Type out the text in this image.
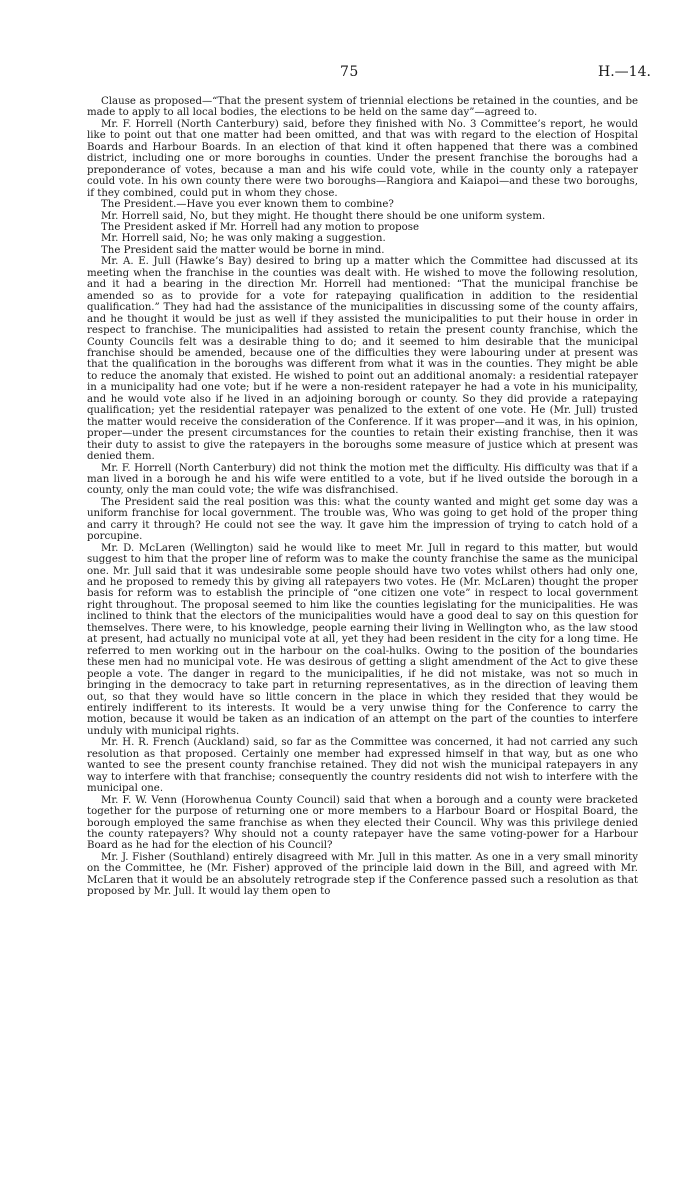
75	H.—14.

Clause as proposed—“That the present system of triennial elections be retained in the counties, and be made to apply to all local bodies, the elections to be held on the same day”—agreed to.

Mr. F. Horrell (North Canterbury) said, before they finished with No. 3 Committee’s report, he would like to point out that one matter had been omitted, and that was with regard to the election of Hospital Boards and Harbour Boards. In an election of that kind it often happened that there was a combined district, including one or more boroughs in counties. Under the present franchise the boroughs had a preponderance of votes, because a man and his wife could vote, while in the county only a ratepayer could vote. In his own county there were two boroughs—Rangiora and Kaiapoi—and these two boroughs, if they combined, could put in whom they chose.

The President.—Have you ever known them to combine?

Mr. Horrell said, No, but they might. He thought there should be one uniform system.

The President asked if Mr. Horrell had any motion to propose

Mr. Horrell said, No; he was only making a suggestion.

The President said the matter would be borne in mind.

Mr. A. E. Jull (Hawke’s Bay) desired to bring up a matter which the Committee had discussed at its meeting when the franchise in the counties was dealt with. He wished to move the following resolution, and it had a bearing in the direction Mr. Horrell had mentioned: “That the municipal franchise be amended so as to provide for a vote for ratepaying qualification in addition to the residential qualification.” They had had the assistance of the municipalities in discussing some of the county affairs, and he thought it would be just as well if they assisted the municipalities to put their house in order in respect to franchise. The municipalities had assisted to retain the present county franchise, which the County Councils felt was a desirable thing to do; and it seemed to him desirable that the municipal franchise should be amended, because one of the difficulties they were labouring under at present was that the qualification in the boroughs was different from what it was in the counties. They might be able to reduce the anomaly that existed. He wished to point out an additional anomaly: a residential ratepayer in a municipality had one vote; but if he were a non-resident ratepayer he had a vote in his municipality, and he would vote also if he lived in an adjoining borough or county. So they did provide a ratepaying qualification; yet the residential ratepayer was penalized to the extent of one vote. He (Mr. Jull) trusted the matter would receive the consideration of the Conference. If it was proper—and it was, in his opinion, proper—under the present circumstances for the counties to retain their existing franchise, then it was their duty to assist to give the ratepayers in the boroughs some measure of justice which at present was denied them.

Mr. F. Horrell (North Canterbury) did not think the motion met the difficulty. His difficulty was that if a man lived in a borough he and his wife were entitled to a vote, but if he lived outside the borough in a county, only the man could vote; the wife was disfranchised.

The President said the real position was this: what the county wanted and might get some day was a uniform franchise for local government. The trouble was, Who was going to get hold of the proper thing and carry it through? He could not see the way. It gave him the impression of trying to catch hold of a porcupine.

Mr. D. McLaren (Wellington) said he would like to meet Mr. Jull in regard to this matter, but would suggest to him that the proper line of reform was to make the county franchise the same as the municipal one. Mr. Jull said that it was undesirable some people should have two votes whilst others had only one, and he proposed to remedy this by giving all ratepayers two votes. He (Mr. McLaren) thought the proper basis for reform was to establish the principle of “one citizen one vote” in respect to local government right throughout. The proposal seemed to him like the counties legislating for the municipalities. He was inclined to think that the electors of the municipalities would have a good deal to say on this question for themselves. There were, to his knowledge, people earning their living in Wellington who, as the law stood at present, had actually no municipal vote at all, yet they had been resident in the city for a long time. He referred to men working out in the harbour on the coal-hulks. Owing to the position of the boundaries these men had no municipal vote. He was desirous of getting a slight amendment of the Act to give these people a vote. The danger in regard to the municipalities, if he did not mistake, was not so much in bringing in the democracy to take part in returning representatives, as in the direction of leaving them out, so that they would have so little concern in the place in which they resided that they would be entirely indifferent to its interests. It would be a very unwise thing for the Conference to carry the motion, because it would be taken as an indication of an attempt on the part of the counties to interfere unduly with municipal rights.

Mr. H. R. French (Auckland) said, so far as the Committee was concerned, it had not carried any such resolution as that proposed. Certainly one member had expressed himself in that way, but as one who wanted to see the present county franchise retained. They did not wish the municipal ratepayers in any way to interfere with that franchise; consequently the country residents did not wish to interfere with the municipal one.

Mr. F. W. Venn (Horowhenua County Council) said that when a borough and a county were bracketed together for the purpose of returning one or more members to a Harbour Board or Hospital Board, the borough employed the same franchise as when they elected their Council. Why was this privilege denied the county ratepayers? Why should not a county ratepayer have the same voting-power for a Harbour Board as he had for the election of his Council?

Mr. J. Fisher (Southland) entirely disagreed with Mr. Jull in this matter. As one in a very small minority on the Committee, he (Mr. Fisher) approved of the principle laid down in the Bill, and agreed with Mr. McLaren that it would be an absolutely retrograde step if the Conference passed such a resolution as that proposed by Mr. Jull. It would lay them open to
